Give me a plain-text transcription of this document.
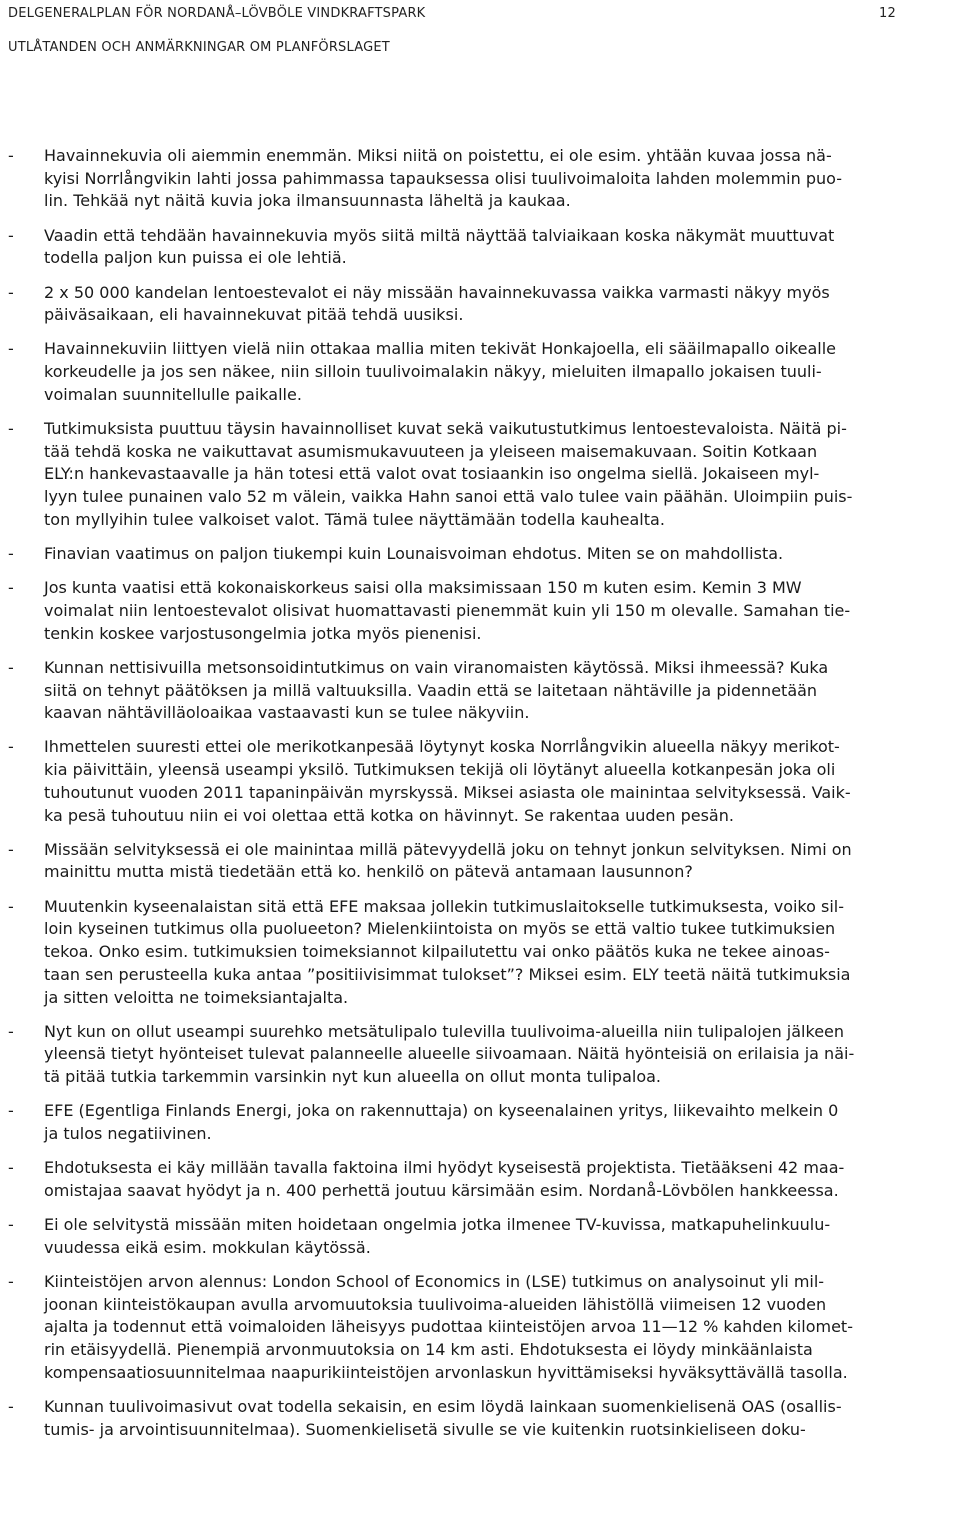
DELGENERALPLAN FÖR NORDANÅ–LÖVBÖLE VINDKRAFTSPARK	12
UTLÅTANDEN OCH ANMÄRKNINGAR OM PLANFÖRSLAGET
-	Havainnekuvia oli aiemmin enemmän. Miksi niitä on poistettu, ei ole esim. yhtään kuvaa jossa nä-
kyisi Norrlångvikin lahti jossa pahimmassa tapauksessa olisi tuulivoimaloita lahden molemmin puo-
lin. Tehkää nyt näitä kuvia joka ilmansuunnasta läheltä ja kaukaa.
-	Vaadin että tehdään havainnekuvia myös siitä miltä näyttää talviaikaan koska näkymät muuttuvat
todella paljon kun puissa ei ole lehtiä.
-	2 x 50 000 kandelan lentoestevalot ei näy missään havainnekuvassa vaikka varmasti näkyy myös
päiväsaikaan, eli havainnekuvat pitää tehdä uusiksi.
-	Havainnekuviin liittyen vielä niin ottakaa mallia miten tekivät Honkajoella, eli sääilmapallo oikealle
korkeudelle ja jos sen näkee, niin silloin tuulivoimalakin näkyy, mieluiten ilmapallo jokaisen tuuli-
voimalan suunnitellulle paikalle.
-	Tutkimuksista puuttuu täysin havainnolliset kuvat sekä vaikutustutkimus lentoestevaloista. Näitä pi-
tää tehdä koska ne vaikuttavat asumismukavuuteen ja yleiseen maisemakuvaan. Soitin Kotkaan
ELY:n hankevastaavalle ja hän totesi että valot ovat tosiaankin iso ongelma siellä. Jokaiseen myl-
lyyn tulee punainen valo 52 m välein, vaikka Hahn sanoi että valo tulee vain päähän. Uloimpiin puis-
ton myllyihin tulee valkoiset valot. Tämä tulee näyttämään todella kauhealta.
-	Finavian vaatimus on paljon tiukempi kuin Lounaisvoiman ehdotus. Miten se on mahdollista.
-	Jos kunta vaatisi että kokonaiskorkeus saisi olla maksimissaan 150 m kuten esim. Kemin 3 MW
voimalat niin lentoestevalot olisivat huomattavasti pienemmät kuin yli 150 m olevalle. Samahan tie-
tenkin koskee varjostusongelmia jotka myös pienenisi.
-	Kunnan nettisivuilla metsonsoidintutkimus on vain viranomaisten käytössä. Miksi ihmeessä? Kuka
siitä on tehnyt päätöksen ja millä valtuuksilla. Vaadin että se laitetaan nähtäville ja pidennetään
kaavan nähtävilläoloaikaa vastaavasti kun se tulee näkyviin.
-	Ihmettelen suuresti ettei ole merikotkanpesää löytynyt koska Norrlångvikin alueella näkyy merikot-
kia päivittäin, yleensä useampi yksilö. Tutkimuksen tekijä oli löytänyt alueella kotkanpesän joka oli
tuhoutunut vuoden 2011 tapaninpäivän myrskyssä. Miksei asiasta ole mainintaa selvityksessä. Vaik-
ka pesä tuhoutuu niin ei voi olettaa että kotka on hävinnyt. Se rakentaa uuden pesän.
-	Missään selvityksessä ei ole mainintaa millä pätevyydellä joku on tehnyt jonkun selvityksen. Nimi on
mainittu mutta mistä tiedetään että ko. henkilö on pätevä antamaan lausunnon?
-	Muutenkin kyseenalaistan sitä että EFE maksaa jollekin tutkimuslaitokselle tutkimuksesta, voiko sil-
loin kyseinen tutkimus olla puolueeton? Mielenkiintoista on myös se että valtio tukee tutkimuksien
tekoa. Onko esim. tutkimuksien toimeksiannot kilpailutettu vai onko päätös kuka ne tekee ainoas-
taan sen perusteella kuka antaa ”positiivisimmat tulokset”? Miksei esim. ELY teetä näitä tutkimuksia
ja sitten veloitta ne toimeksiantajalta.
-	Nyt kun on ollut useampi suurehko metsätulipalo tulevilla tuulivoima-alueilla niin tulipalojen jälkeen
yleensä tietyt hyönteiset tulevat palanneelle alueelle siivoamaan. Näitä hyönteisiä on erilaisia ja näi-
tä pitää tutkia tarkemmin varsinkin nyt kun alueella on ollut monta tulipaloa.
-	EFE (Egentliga Finlands Energi, joka on rakennuttaja) on kyseenalainen yritys, liikevaihto melkein 0
ja tulos negatiivinen.
-	Ehdotuksesta ei käy millään tavalla faktoina ilmi hyödyt kyseisestä projektista. Tietääkseni 42 maa-
omistajaa saavat hyödyt ja n. 400 perhettä joutuu kärsimään esim. Nordanå-Lövbölen hankkeessa.
-	Ei ole selvitystä missään miten hoidetaan ongelmia jotka ilmenee TV-kuvissa, matkapuhelinkuulu-
vuudessa eikä esim. mokkulan käytössä.
-	Kiinteistöjen arvon alennus: London School of Economics in (LSE) tutkimus on analysoinut yli mil-
joonan kiinteistökaupan avulla arvomuutoksia tuulivoima-alueiden lähistöllä viimeisen 12 vuoden
ajalta ja todennut että voimaloiden läheisyys pudottaa kiinteistöjen arvoa 11—12 % kahden kilomet-
rin etäisyydellä. Pienempiä arvonmuutoksia on 14 km asti. Ehdotuksesta ei löydy minkäänlaista
kompensaatiosuunnitelmaa naapurikiinteistöjen arvonlaskun hyvittämiseksi hyväksyttävällä tasolla.
-	Kunnan tuulivoimasivut ovat todella sekaisin, en esim löydä lainkaan suomenkielisenä OAS (osallis-
tumis- ja arvointisuunnitelmaa). Suomenkielisetä sivulle se vie kuitenkin ruotsinkieliseen doku-
